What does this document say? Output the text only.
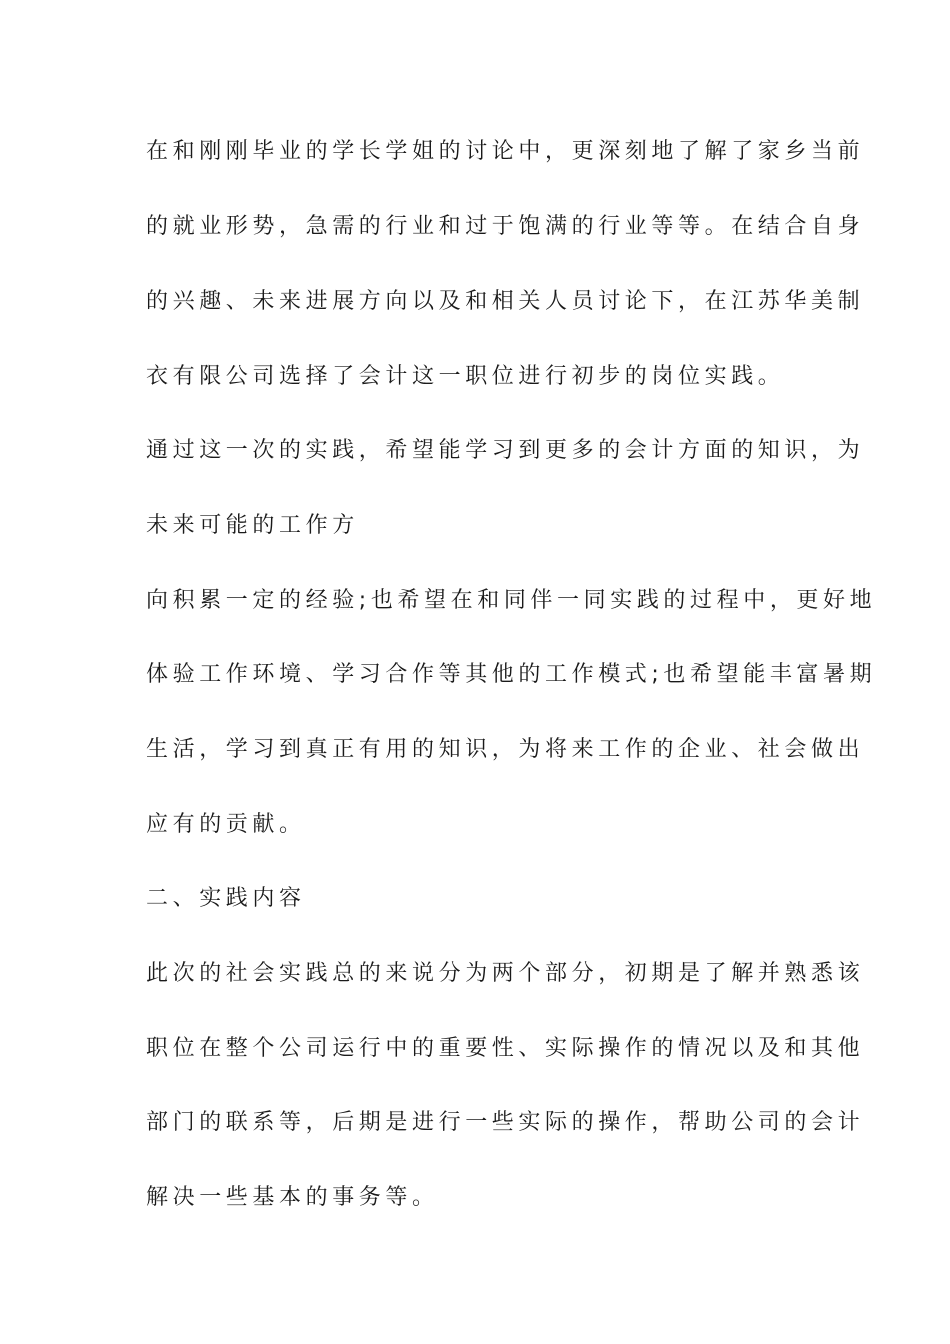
在和刚刚毕业的学长学姐的讨论中，更深刻地了解了家乡当前
的就业形势，急需的行业和过于饱满的行业等等。在结合自身
的兴趣、未来进展方向以及和相关人员讨论下，在江苏华美制
衣有限公司选择了会计这一职位进行初步的岗位实践。
通过这一次的实践，希望能学习到更多的会计方面的知识，为
未来可能的工作方
向积累一定的经验;也希望在和同伴一同实践的过程中，更好地
体验工作环境、学习合作等其他的工作模式;也希望能丰富暑期
生活，学习到真正有用的知识，为将来工作的企业、社会做出
应有的贡献。
二、实践内容
此次的社会实践总的来说分为两个部分，初期是了解并熟悉该
职位在整个公司运行中的重要性、实际操作的情况以及和其他
部门的联系等，后期是进行一些实际的操作，帮助公司的会计
解决一些基本的事务等。
